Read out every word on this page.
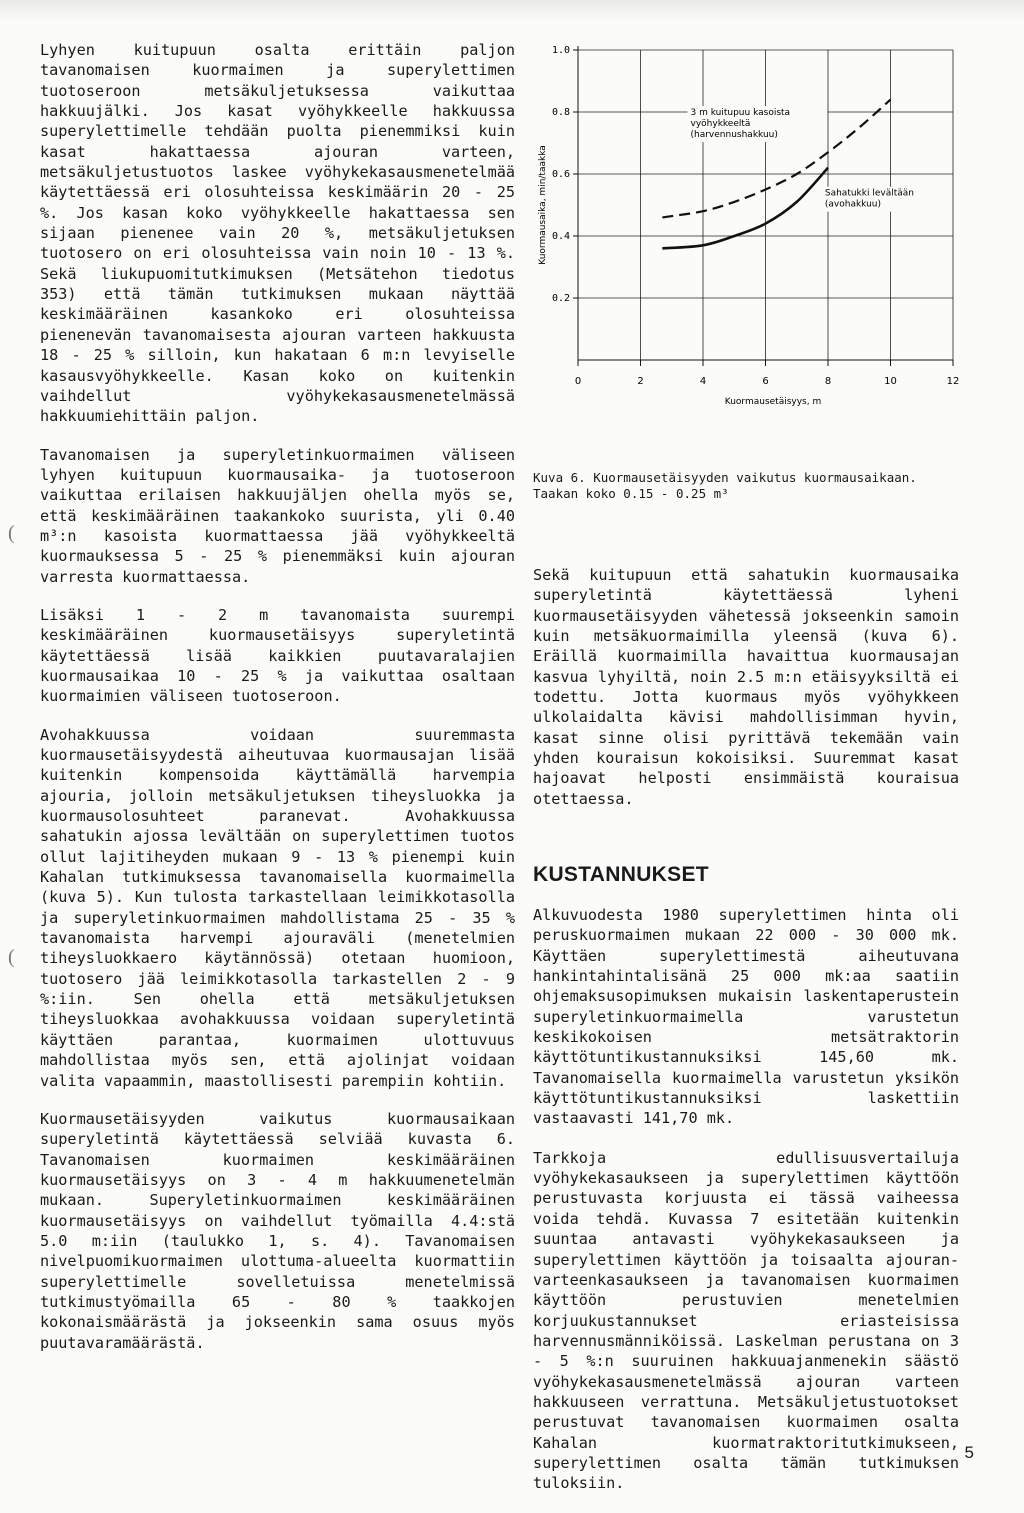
(
(

Lyhyen kuitupuun osalta erittäin paljon tavanomaisen kuormaimen ja superylettimen tuotoseroon metsäkuljetuksessa vaikuttaa hakkuujälki. Jos kasat vyöhykkeelle hakkuussa superylettimelle tehdään puolta pienemmiksi kuin kasat hakattaessa ajouran varteen, metsäkuljetustuotos laskee vyöhykekasausmenetelmää käytettäessä eri olosuhteissa keskimäärin 20 - 25 %. Jos kasan koko vyöhykkeelle hakattaessa sen sijaan pienenee vain 20 %, metsäkuljetuksen tuotosero on eri olosuhteissa vain noin 10 - 13 %. Sekä liukupuomitutkimuksen (Metsätehon tiedotus 353) että tämän tutkimuksen mukaan näyttää keskimääräinen kasankoko eri olosuhteissa pienenevän tavanomaisesta ajouran varteen hakkuusta 18 - 25 % silloin, kun hakataan 6 m:n levyiselle kasausvyöhykkeelle. Kasan koko on kuitenkin vaihdellut vyöhykekasausmenetelmässä hakkuumiehittäin paljon.

Tavanomaisen ja superyletinkuormaimen väliseen lyhyen kuitupuun kuormausaika- ja tuotoseroon vaikuttaa erilaisen hakkuujäljen ohella myös se, että keskimääräinen taakankoko suurista, yli 0.40 m³:n kasoista kuormattaessa jää vyöhykkeeltä kuormauksessa 5 - 25 % pienemmäksi kuin ajouran varresta kuormattaessa.

Lisäksi 1 - 2 m tavanomaista suurempi keskimääräinen kuormausetäisyys superyletintä käytettäessä lisää kaikkien puutavaralajien kuormausaikaa 10 - 25 % ja vaikuttaa osaltaan kuormaimien väliseen tuotoseroon.

Avohakkuussa voidaan suuremmasta kuormausetäisyydestä aiheutuvaa kuormausajan lisää kuitenkin kompensoida käyttämällä harvempia ajouria, jolloin metsäkuljetuksen tiheysluokka ja kuormausolosuhteet paranevat. Avohakkuussa sahatukin ajossa levältään on superylettimen tuotos ollut lajitiheyden mukaan 9 - 13 % pienempi kuin Kahalan tutkimuksessa tavanomaisella kuormaimella (kuva 5). Kun tulosta tarkastellaan leimikkotasolla ja superyletinkuormaimen mahdollistama 25 - 35 % tavanomaista harvempi ajouraväli (menetelmien tiheysluokkaero käytännössä) otetaan huomioon, tuotosero jää leimikkotasolla tarkastellen 2 - 9 %:iin. Sen ohella että metsäkuljetuksen tiheysluokkaa avohakkuussa voidaan superyletintä käyttäen parantaa, kuormaimen ulottuvuus mahdollistaa myös sen, että ajolinjat voidaan valita vapaammin, maastollisesti parempiin kohtiin.

Kuormausetäisyyden vaikutus kuormausaikaan superyletintä käytettäessä selviää kuvasta 6. Tavanomaisen kuormaimen keskimääräinen kuormausetäisyys on 3 - 4 m hakkuumenetelmän mukaan. Superyletinkuormaimen keskimääräinen kuormausetäisyys on vaihdellut työmailla 4.4:stä 5.0 m:iin (taulukko 1, s. 4). Tavanomaisen nivelpuomikuormaimen ulottuma-alueelta kuormattiin superylettimelle sovelletuissa menetelmissä tutkimustyömailla 65 - 80 % taakkojen kokonaismäärästä ja jokseenkin sama osuus myös puutavaramäärästä.

0	2	4	6	8	10	12
1.0
0.8
0.6
0.4
0.2
3 m kuitupuu kasoista
vyöhykkeeltä
(harvennushakkuu)
Sahatukki levältään
(avohakkuu)
Kuormausetäisyys, m
Kuormausaika, min/taakka

Kuva 6. Kuormausetäisyyden vaikutus kuormausaikaan.
Taakan koko 0.15 - 0.25 m³

Sekä kuitupuun että sahatukin kuormausaika superyletintä käytettäessä lyheni kuormausetäisyyden vähetessä jokseenkin samoin kuin metsäkuormaimilla yleensä (kuva 6). Eräillä kuormaimilla havaittua kuormausajan kasvua lyhyiltä, noin 2.5 m:n etäisyyksiltä ei todettu. Jotta kuormaus myös vyöhykkeen ulkolaidalta kävisi mahdollisimman hyvin, kasat sinne olisi pyrittävä tekemään vain yhden kouraisun kokoisiksi. Suuremmat kasat hajoavat helposti ensimmäistä kouraisua otettaessa.

KUSTANNUKSET

Alkuvuodesta 1980 superylettimen hinta oli peruskuormaimen mukaan 22 000 - 30 000 mk. Käyttäen superylettimestä aiheutuvana hankintahintalisänä 25 000 mk:aa saatiin ohjemaksusopimuksen mukaisin laskentaperustein superyletinkuormaimella varustetun keskikokoisen metsätraktorin käyttötuntikustannuksiksi 145,60 mk. Tavanomaisella kuormaimella varustetun yksikön käyttötuntikustannuksiksi laskettiin vastaavasti 141,70 mk.

Tarkkoja edullisuusvertailuja vyöhykekasaukseen ja superylettimen käyttöön perustuvasta korjuusta ei tässä vaiheessa voida tehdä. Kuvassa 7 esitetään kuitenkin suuntaa antavasti vyöhykekasaukseen ja superylettimen käyttöön ja toisaalta ajouran-varteenkasaukseen ja tavanomaisen kuormaimen käyttöön perustuvien menetelmien korjuukustannukset eriasteisissa harvennusmänniköissä. Laskelman perustana on 3 - 5 %:n suuruinen hakkuuajanmenekin säästö vyöhykekasausmenetelmässä ajouran varteen hakkuuseen verrattuna. Metsäkuljetustuotokset perustuvat tavanomaisen kuormaimen osalta Kahalan kuormatraktoritutkimukseen, superylettimen osalta tämän tutkimuksen tuloksiin.

5
